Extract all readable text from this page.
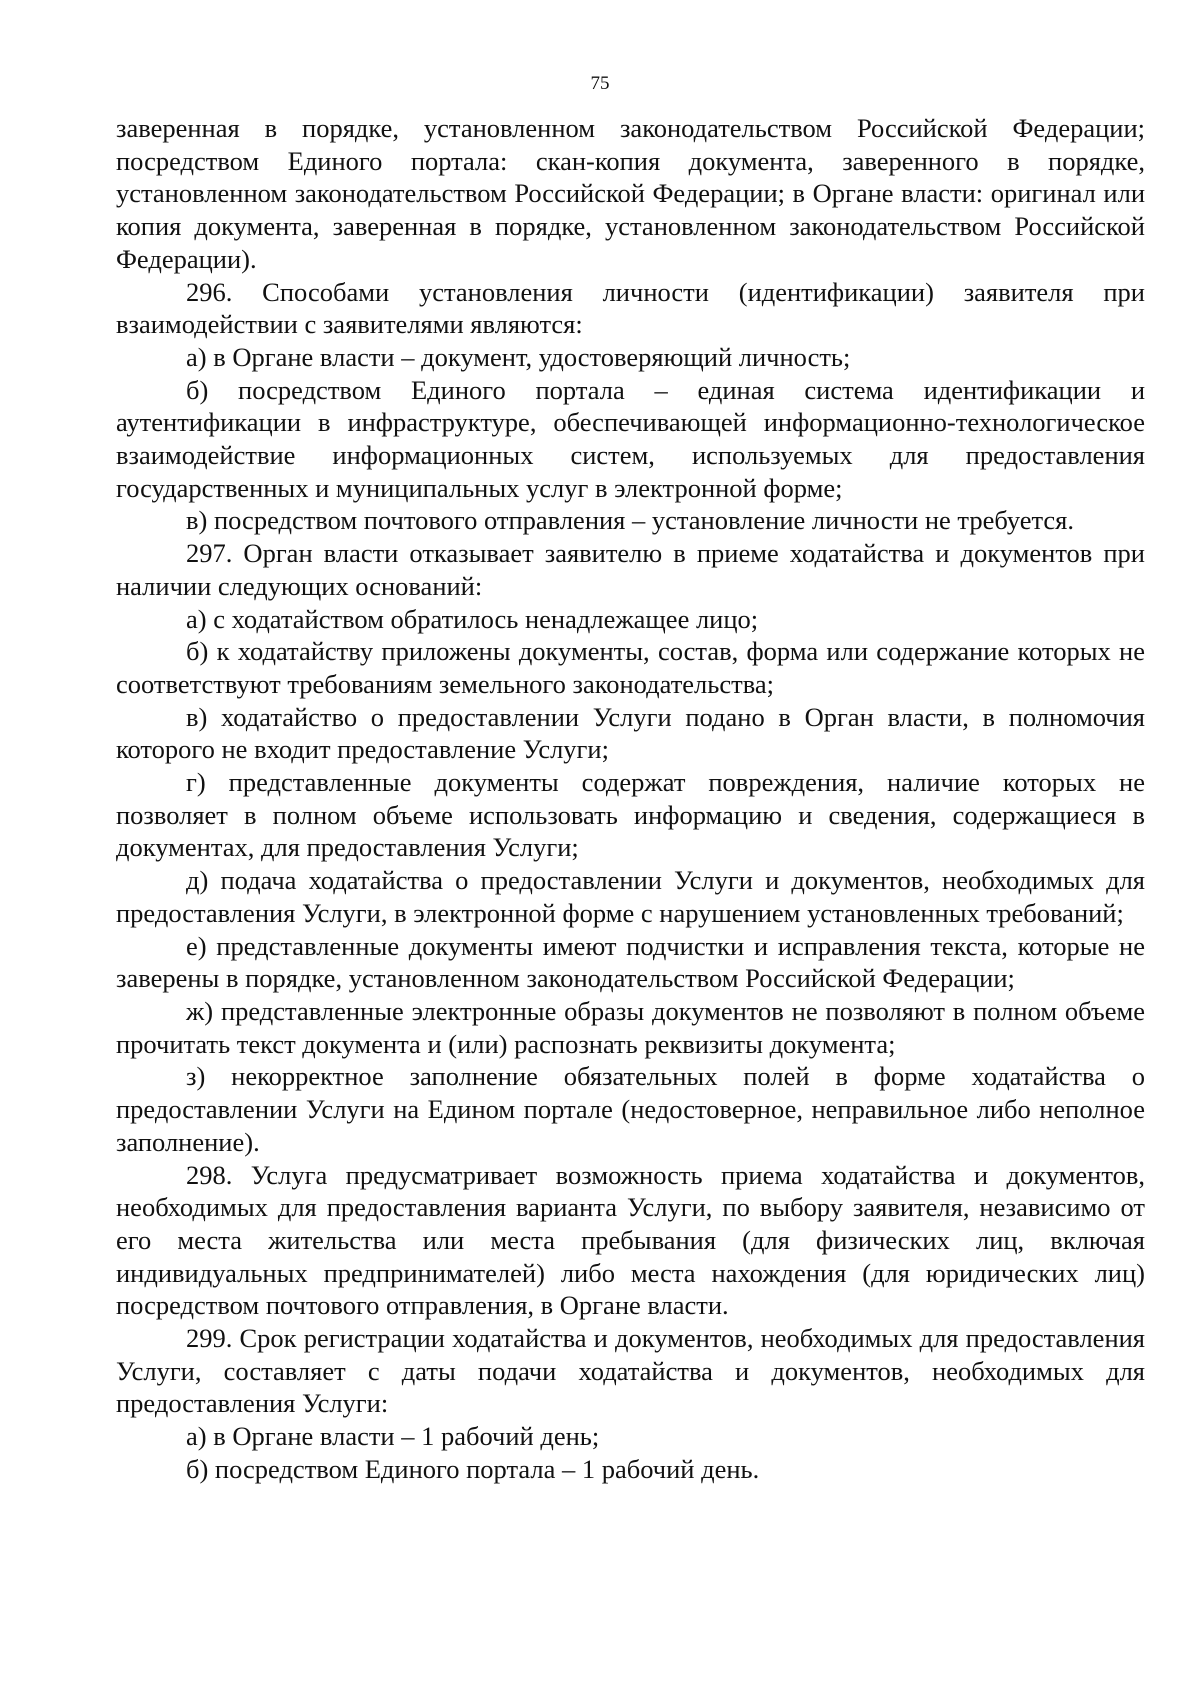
75

заверенная в порядке, установленном законодательством Российской Федерации; посредством Единого портала: скан-копия документа, заверенного в порядке, установленном законодательством Российской Федерации; в Органе власти: оригинал или копия документа, заверенная в порядке, установленном законодательством Российской Федерации).

296. Способами установления личности (идентификации) заявителя при взаимодействии с заявителями являются:

а) в Органе власти – документ, удостоверяющий личность;

б) посредством Единого портала – единая система идентификации и аутентификации в инфраструктуре, обеспечивающей информационно-технологическое взаимодействие информационных систем, используемых для предоставления государственных и муниципальных услуг в электронной форме;

в) посредством почтового отправления – установление личности не требуется.

297. Орган власти отказывает заявителю в приеме ходатайства и документов при наличии следующих оснований:

а) с ходатайством обратилось ненадлежащее лицо;

б) к ходатайству приложены документы, состав, форма или содержание которых не соответствуют требованиям земельного законодательства;

в) ходатайство о предоставлении Услуги подано в Орган власти, в полномочия которого не входит предоставление Услуги;

г) представленные документы содержат повреждения, наличие которых не позволяет в полном объеме использовать информацию и сведения, содержащиеся в документах, для предоставления Услуги;

д) подача ходатайства о предоставлении Услуги и документов, необходимых для предоставления Услуги, в электронной форме с нарушением установленных требований;

е) представленные документы имеют подчистки и исправления текста, которые не заверены в порядке, установленном законодательством Российской Федерации;

ж) представленные электронные образы документов не позволяют в полном объеме прочитать текст документа и (или) распознать реквизиты документа;

з) некорректное заполнение обязательных полей в форме ходатайства о предоставлении Услуги на Едином портале (недостоверное, неправильное либо неполное заполнение).

298. Услуга предусматривает возможность приема ходатайства и документов, необходимых для предоставления варианта Услуги, по выбору заявителя, независимо от его места жительства или места пребывания (для физических лиц, включая индивидуальных предпринимателей) либо места нахождения (для юридических лиц) посредством почтового отправления, в Органе власти.

299. Срок регистрации ходатайства и документов, необходимых для предоставления Услуги, составляет с даты подачи ходатайства и документов, необходимых для предоставления Услуги:

а) в Органе власти – 1 рабочий день;

б) посредством Единого портала – 1 рабочий день.
